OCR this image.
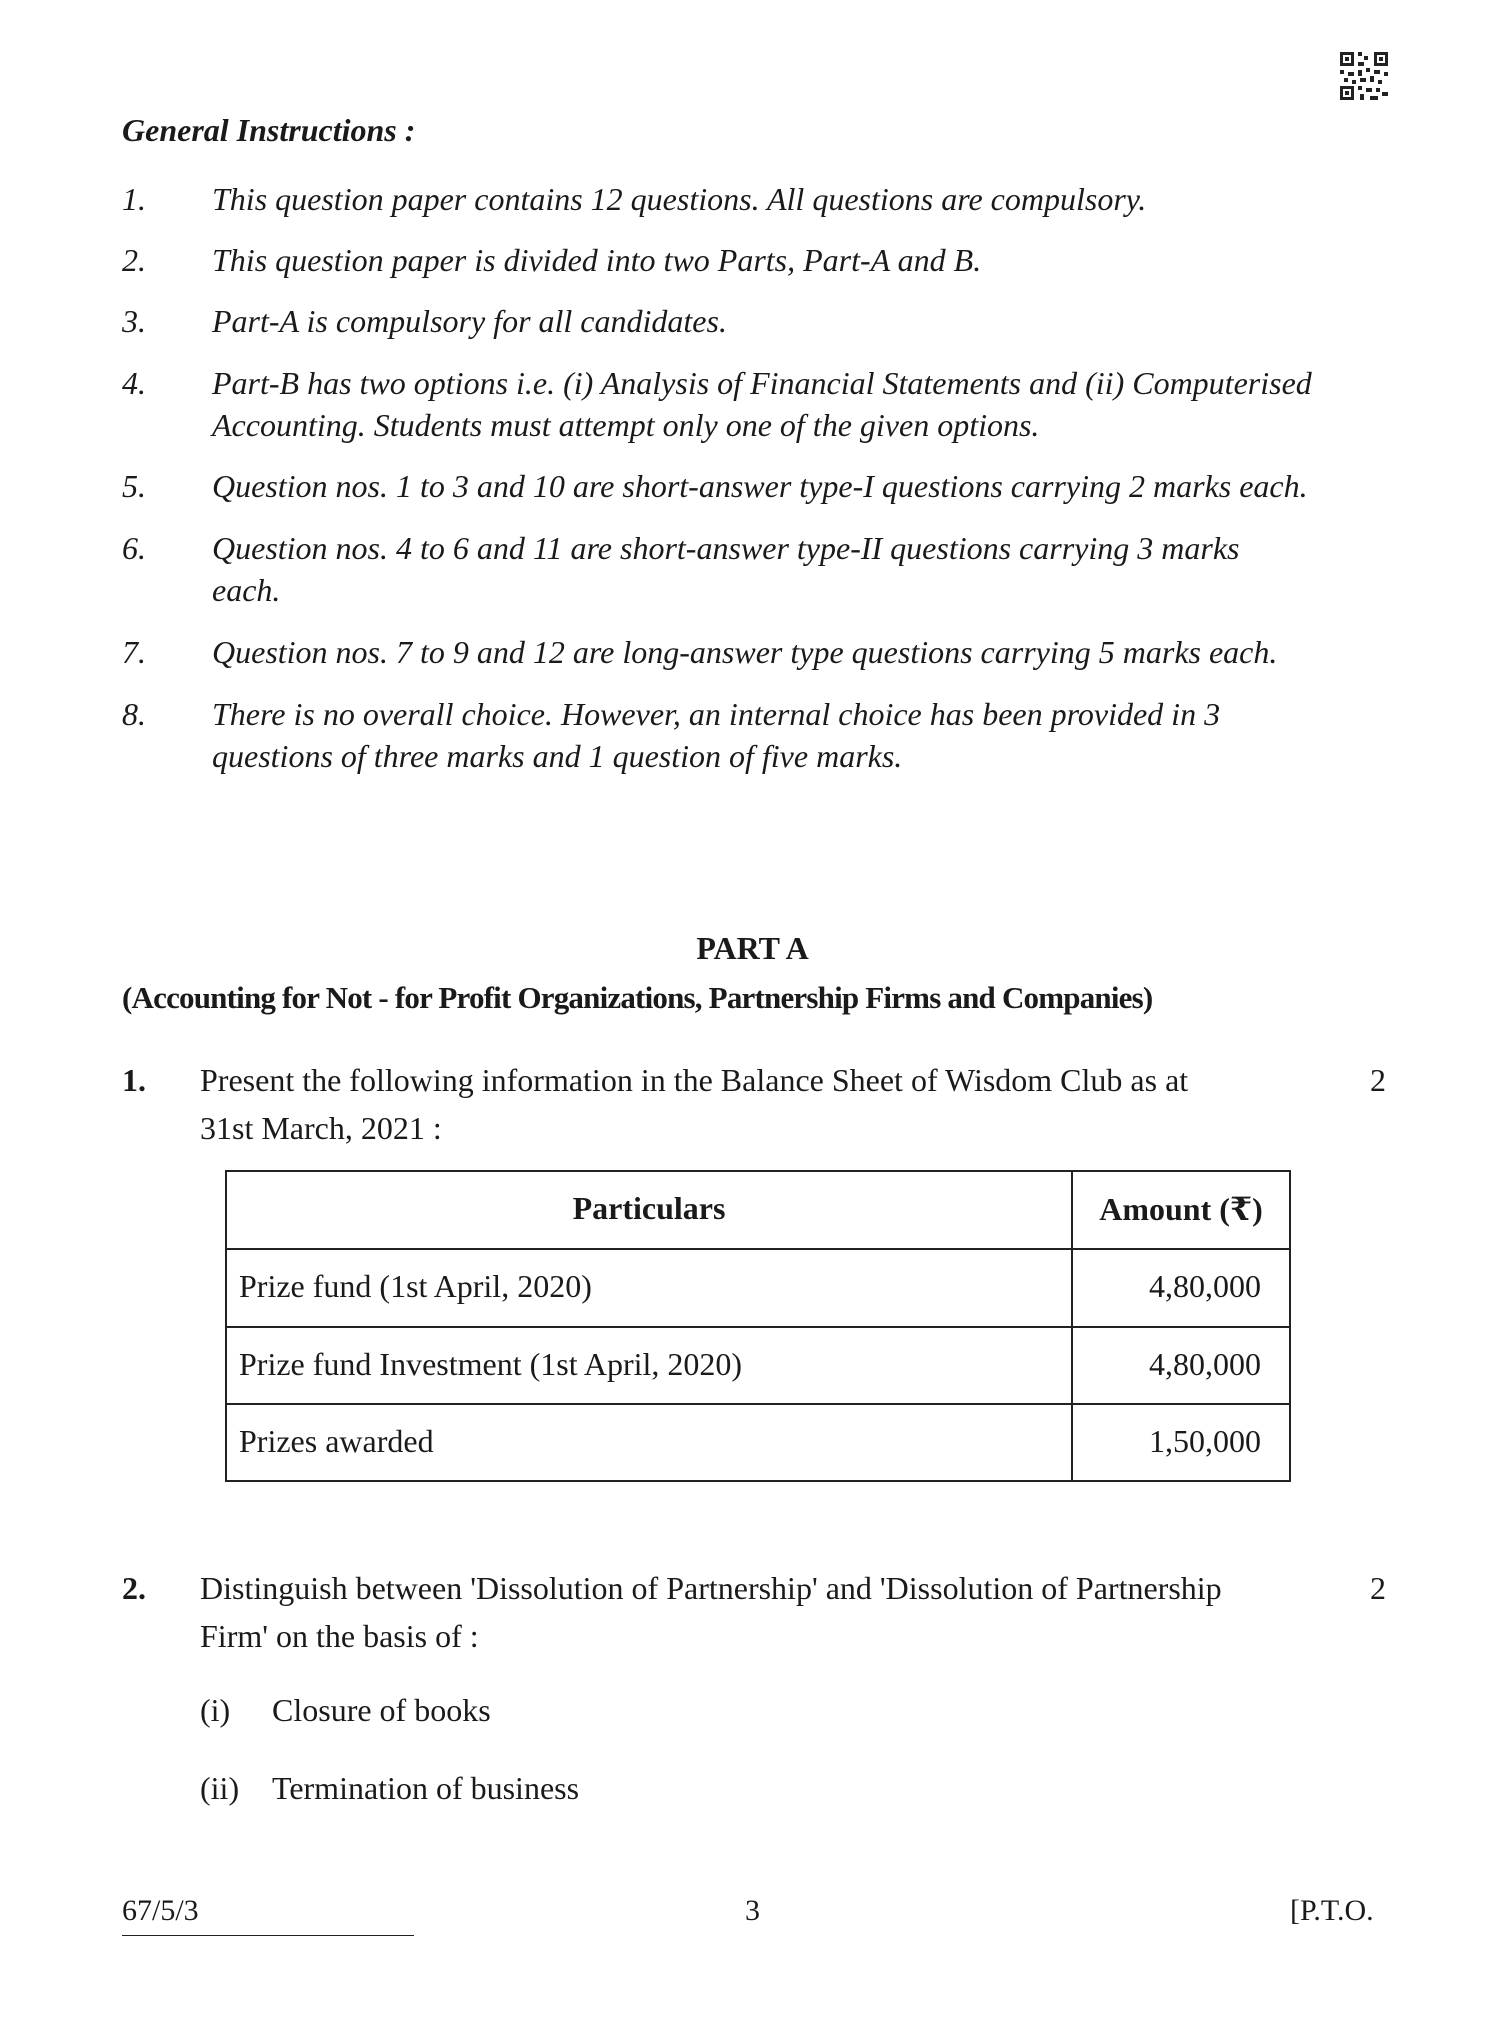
General Instructions :
1.	This question paper contains 12 questions. All questions are compulsory.
2.	This question paper is divided into two Parts, Part-A and B.
3.	Part-A is compulsory for all candidates.
4.	Part-B has two options i.e. (i) Analysis of Financial Statements and (ii) Computerised
Accounting. Students must attempt only one of the given options.
5.	Question nos. 1 to 3 and 10 are short-answer type-I questions carrying 2 marks each.
6.	Question nos. 4 to 6 and 11 are short-answer type-II questions carrying 3 marks
each.
7.	Question nos. 7 to 9 and 12 are long-answer type questions carrying 5 marks each.
8.	There is no overall choice. However, an internal choice has been provided in 3
questions of three marks and 1 question of five marks.
PART A
(Accounting for Not - for Profit Organizations, Partnership Firms and Companies)
1. Present the following information in the Balance Sheet of Wisdom Club as at
31st March, 2021 :
2
Particulars	Amount (₹)
Prize fund (1st April, 2020)	4,80,000
Prize fund Investment (1st April, 2020)	4,80,000
Prizes awarded	1,50,000
2. Distinguish between 'Dissolution of Partnership' and 'Dissolution of Partnership
Firm' on the basis of :
2
(i) Closure of books
(ii) Termination of business
67/5/3	3	[P.T.O.
